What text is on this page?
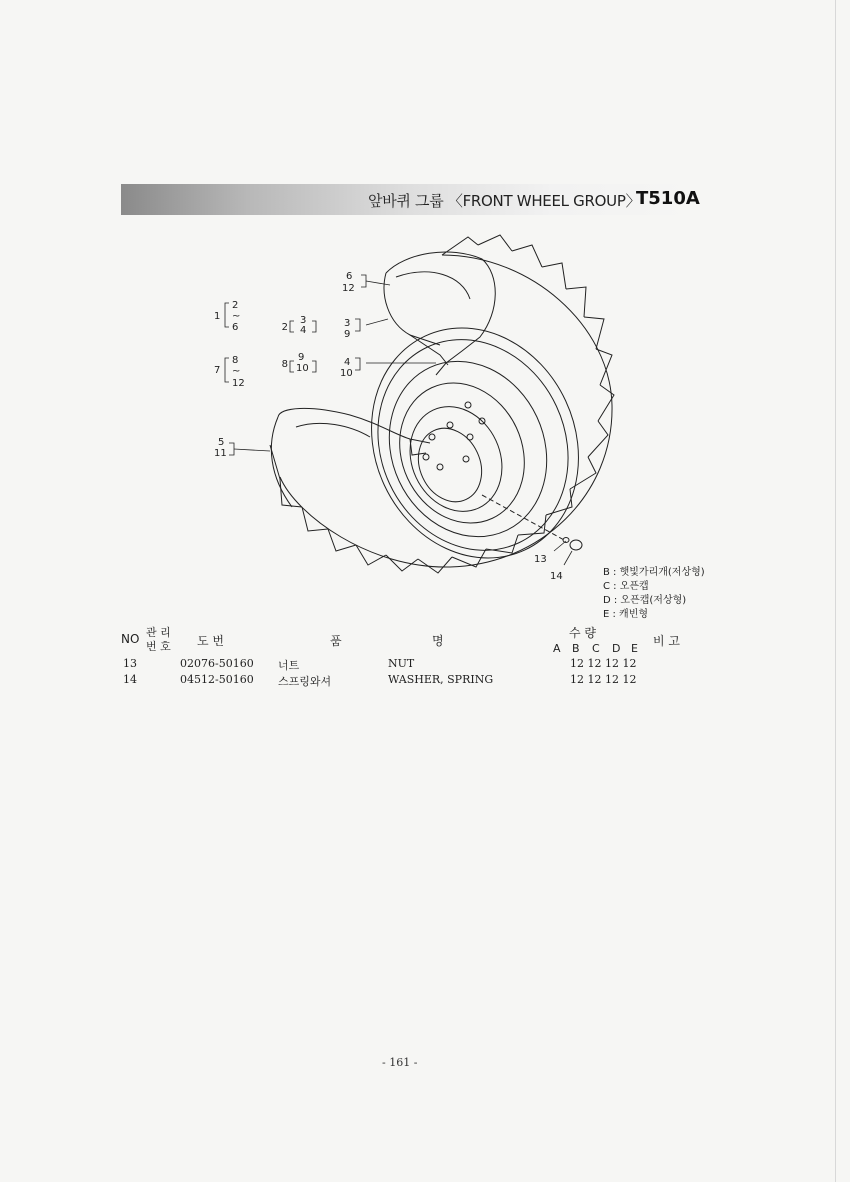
앞바퀴 그룹 〈FRONT WHEEL GROUP〉
T510A
1
2
~
6	2
3
4
7
8
~
12
8
9
10
6
12
3
9
4
10
5
11
13
14	B : 햇빛가리개(저상형)
C : 오픈캡
D : 오픈캡(저상형)
E : 캐빈형
NO 관 리
번 호 도 번	품	명
수 량
A B C D E
비 고
13	02076-50160 너트	NUT	12 12 12 12
14	04512-50160 스프링와셔	WASHER, SPRING	12 12 12 12
- 161 -
